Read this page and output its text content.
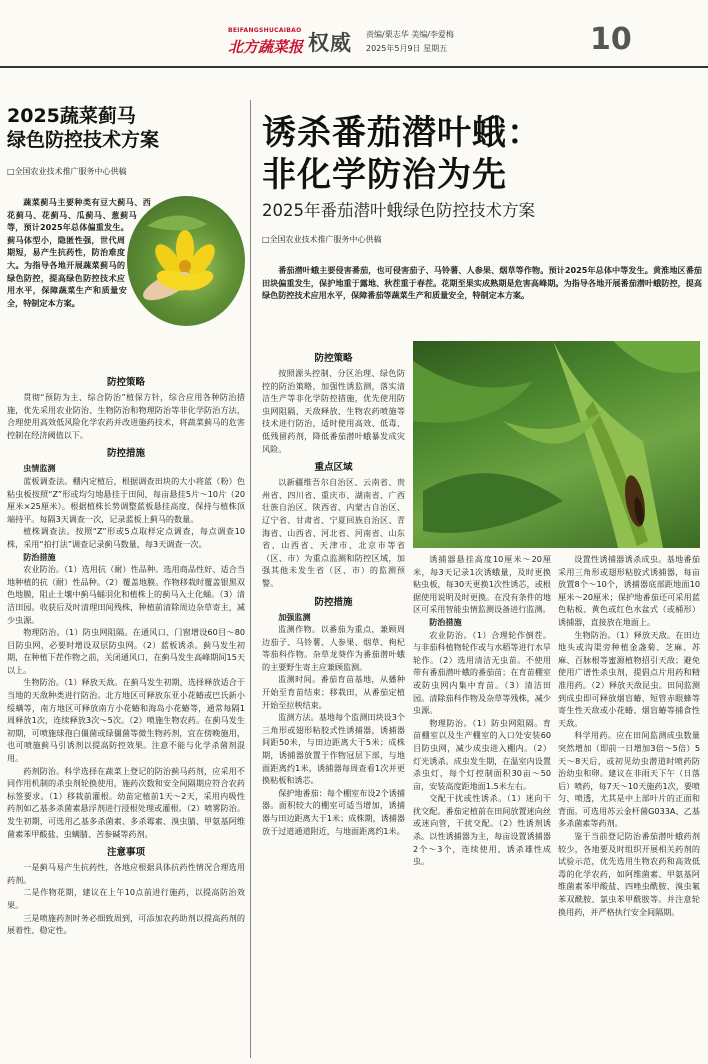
BEIFANGSHUCAIBAO
北方蔬菜报 权威 责编/栗志华 美编/李爱梅
2025年5月9日 星期五	10
2025蔬菜蓟马
绿色防控技术方案
□全国农业技术推广服务中心供稿
蔬菜蓟马主要种类有豆大蓟马、西花蓟马、花蓟马、瓜蓟马、葱蓟马等，预计2025年总体偏重发生。蓟马体型小，隐匿性强，世代周期短，易产生抗药性，防治难度大。为指导各地开展蔬菜蓟马的绿色防控，提高绿色防控技术应用水平，保障蔬菜生产和质量安全，特制定本方案。
防控策略
贯彻“预防为主、综合防治”植保方针，综合应用各种防治措施，优先采用农业防治、生物防治和物理防治等非化学防治方法，合理使用高效低风险化学农药并改进施药技术，将蔬菜蓟马的危害控制在经济阈值以下。
防控措施
虫情监测
蓝板调查法。棚内定植后，根据调查田块的大小将蓝（粉）色粘虫板按照“Z”形或均匀地悬挂于田间，每亩悬挂5片～10片（20厘米×25厘米）。根据植株长势调整蓝板悬挂高度，保持与植株顶端持平。每隔3天调查一次，记录蓝板上蓟马的数量。
植株调查法。按照“Z”形或5点取样定点调查，每点调查10株，采用“拍打法”调查记录蓟马数量，每3天调查一次。
防治措施
农业防治。（1）选用抗（耐）性品种。选用商品性好、适合当地种植的抗（耐）性品种。（2）覆盖地膜。作物移栽时覆盖银黑双色地膜，阻止土壤中蓟马蛹羽化和植株上的蓟马入土化蛹。（3）清洁田园。收获后及时清理田间残株，种植前清除周边杂草寄主，减少虫源。
物理防治。（1）防虫网阻隔。在通风口、门窗增设60目～80目防虫网，必要时增设双层防虫网。（2）蓝板诱杀。蓟马发生初期，在种植下茬作物之前，关闭通风口，在蓟马发生高峰期间15天以上。
生物防治。（1）释放天敌。在蓟马发生初期，选择释放适合于当地的天敌种类进行防治。北方地区可释放东亚小花蝽或巴氏新小绥螨等，南方地区可释放南方小花蝽和海岛小花蝽等，通常每隔1周释放1次，连续释放3次～5次。（2）喷施生物农药。在蓟马发生初期，可喷施球孢白僵菌或绿僵菌等微生物药剂，宜在傍晚施用，也可喷施蓟马引诱剂以提高防控效果。注意不能与化学杀菌剂混用。
药剂防治。科学选择在蔬菜上登记的防治蓟马药剂，应采用不同作用机制的杀虫剂轮换使用，施药次数和安全间隔期应符合农药标签要求。（1）移栽前灌根。幼苗定植前1天～2天，采用内吸性药剂如乙基多杀菌素悬浮剂进行浸根处理或灌根。（2）喷雾防治。发生初期，可选用乙基多杀菌素、多杀霉素、溴虫腈、甲氨基阿维菌素苯甲酸盐、虫螨腈、苦参碱等药剂。
注意事项
一是蓟马易产生抗药性，各地应根据具体抗药性情况合理选用药剂。
二是作物花期，建议在上午10点前进行施药，以提高防治效果。
三是喷施药剂时务必细致周到，可添加农药助剂以提高药剂的展着性、稳定性。
诱杀番茄潜叶蛾：
非化学防治为先
2025年番茄潜叶蛾绿色防控技术方案
□全国农业技术推广服务中心供稿
番茄潜叶蛾主要侵害番茄，也可侵害茄子、马铃薯、人参果、烟草等作物。预计2025年总体中等发生。黄淮地区番茄田块偏重发生，保护地重于露地、秋茬重于春茬。花期至果实成熟期是危害高峰期。为指导各地开展番茄潜叶蛾防控，提高绿色防控技术应用水平，保障番茄等蔬菜生产和质量安全，特制定本方案。
防控策略
按照源头控制、分区治理、绿色防控的防治策略，加强性诱监测，落实清洁生产等非化学防控措施，优先使用防虫网阻隔、天敌释放、生物农药喷施等技术进行防治，适时使用高效、低毒、低残留药剂，降低番茄潜叶蛾暴发成灾风险。
重点区域
以新疆维吾尔自治区、云南省、贵州省、四川省、重庆市、湖南省、广西壮族自治区、陕西省、内蒙古自治区、辽宁省、甘肃省、宁夏回族自治区、青海省、山西省、河北省、河南省、山东省、山西省、天津市、北京市等省（区、市）为重点监测和防控区域，加强其他未发生省（区、市）的监测预警。
防控措施
加强监测
监测作物。以番茄为重点，兼顾周边茄子、马铃薯、人参果、烟草、枸杞等茄科作物。杂草龙葵作为番茄潜叶蛾的主要野生寄主应兼顾监测。
监测时间。番茄育苗基地，从播种开始至育苗结束；移栽田，从番茄定植开始至拉秧结束。
监测方法。基地每个监测田块设3个三角形或翅形粘胶式性诱捕器，诱捕器间距50米，与田边距离大于5米；成株期，诱捕器放置于作物冠层下部，与地面距离约1米，诱捕器每周查看1次并更换粘板和诱芯。
保护地番茄：每个棚室布设2个诱捕器。面积较大的棚室可适当增加，诱捕器与田边距离大于1米；成株期，诱捕器放于过道通道附近，与地面距离约1米。
诱捕器悬挂高度10厘米～20厘米，每3天记录1次诱蛾量，及时更换粘虫板，每30天更换1次性诱芯，或根据使用说明及时更换。在没有条件的地区可采用智能虫情监测设备进行监测。
防治措施
农业防治。（1）合理轮作倒茬。与非茄科植物轮作或与水稻等进行水旱轮作。（2）选用清洁无虫苗。不使用带有番茄潜叶蛾的番茄苗；在育苗棚室或防虫网内集中育苗。（3）清洁田园。清除茄科作物及杂草等残株，减少虫源。
物理防治。（1）防虫网阻隔。育苗棚室以及生产棚室的入口处安装60目防虫网，减少成虫进入棚内。（2）灯光诱杀。成虫发生期，在温室内设置杀虫灯，每个灯控制面积30亩～50亩，安装高度距地面1.5米左右。
交配干扰或性诱杀。（1）迷向干扰交配。番茄定植前在田间放置迷向丝或迷向管，干扰交配。（2）性诱剂诱杀。以性诱捕器为主，每亩设置诱捕器2个～3个，连续使用，诱杀雄性成虫。
设置性诱捕器诱杀成虫。基地番茄采用三角形或翅形粘胶式诱捕器，每亩放置8个～10个，诱捕器底部距地面10厘米～20厘米；保护地番茄还可采用蓝色粘板、黄色或红色水盆式（或桶形）诱捕器，直接放在地面上。
生物防治。（1）释放天敌。在田边地头或沟渠旁种植金盏菊、芝麻、苏麻、百脉根等蜜源植物招引天敌；避免使用广谱性杀虫剂，提倡点片用药和精准用药。（2）释放天敌昆虫。田间监测到成虫即可释放烟盲蝽、短管赤眼蜂等寄生性天敌或小花蝽、烟盲蝽等捕食性天敌。
科学用药。应在田间监测成虫数量突然增加（即前一日增加3倍～5倍）5天～8天后，或初见幼虫潜道时喷药防治幼虫和卵。建议在非雨天下午（日落后）喷药，每7天～10天施药1次，要喷匀、喷透，尤其是中上部叶片的正面和背面。可选用苏云金杆菌G033A、乙基多杀菌素等药剂。
鉴于当前登记防治番茄潜叶蛾药剂较少，各地要及时组织开展相关药剂的试验示范，优先选用生物农药和高效低毒的化学农药，如阿维菌素、甲氨基阿维菌素苯甲酸盐、四唑虫酰胺、溴虫氟苯双酰胺、氯虫苯甲酰胺等。并注意轮换用药，并严格执行安全间隔期。
